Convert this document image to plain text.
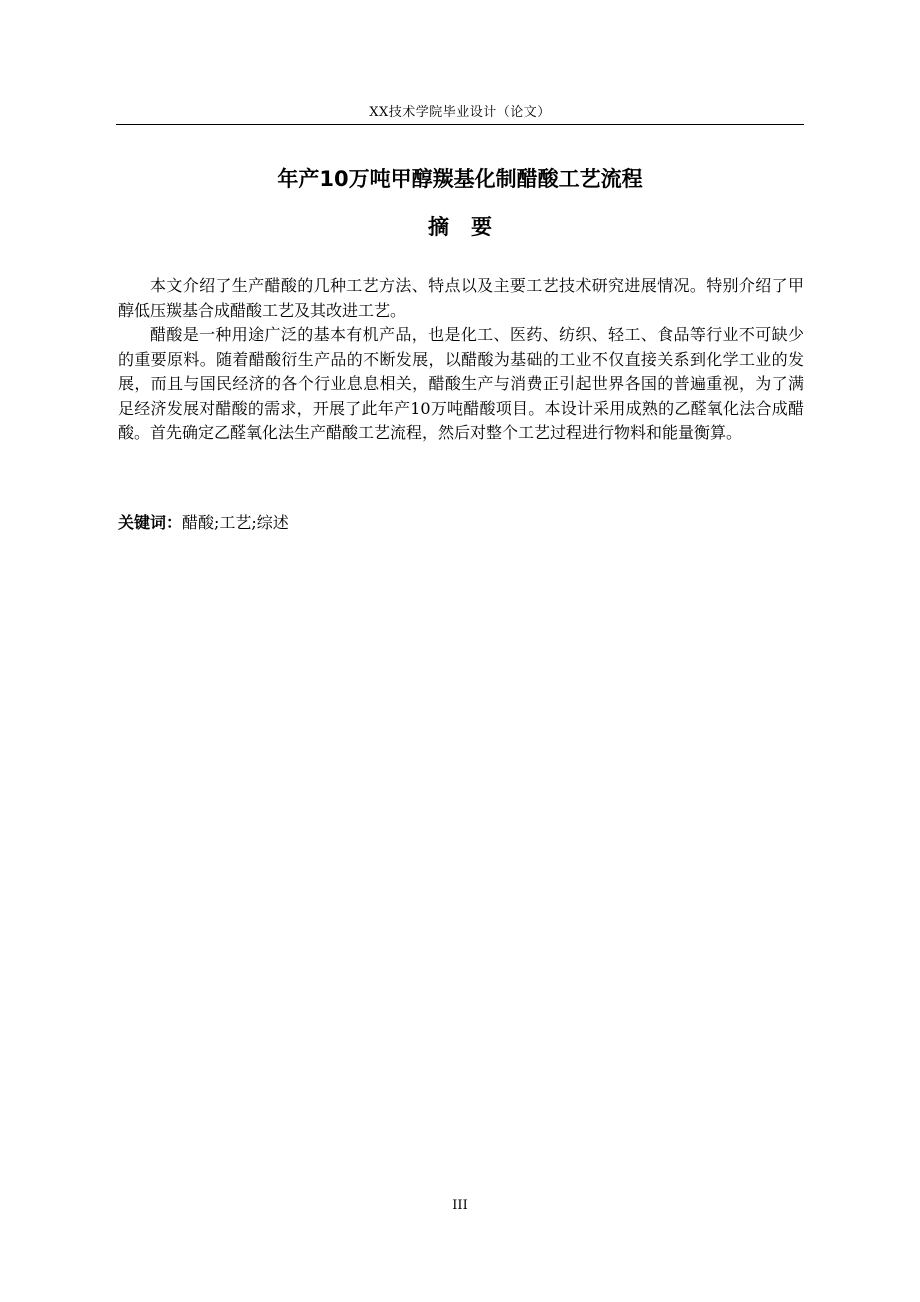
XX技术学院毕业设计（论文）
年产10万吨甲醇羰基化制醋酸工艺流程
摘要

本文介绍了生产醋酸的几种工艺方法、特点以及主要工艺技术研究进展情况。特别介绍了甲醇低压羰基合成醋酸工艺及其改进工艺。

醋酸是一种用途广泛的基本有机产品，也是化工、医药、纺织、轻工、食品等行业不可缺少的重要原料。随着醋酸衍生产品的不断发展，以醋酸为基础的工业不仅直接关系到化学工业的发展，而且与国民经济的各个行业息息相关，醋酸生产与消费正引起世界各国的普遍重视，为了满足经济发展对醋酸的需求，开展了此年产10万吨醋酸项目。本设计采用成熟的乙醛氧化法合成醋酸。首先确定乙醛氧化法生产醋酸工艺流程，然后对整个工艺过程进行物料和能量衡算。

关键词：醋酸;工艺;综述
III
